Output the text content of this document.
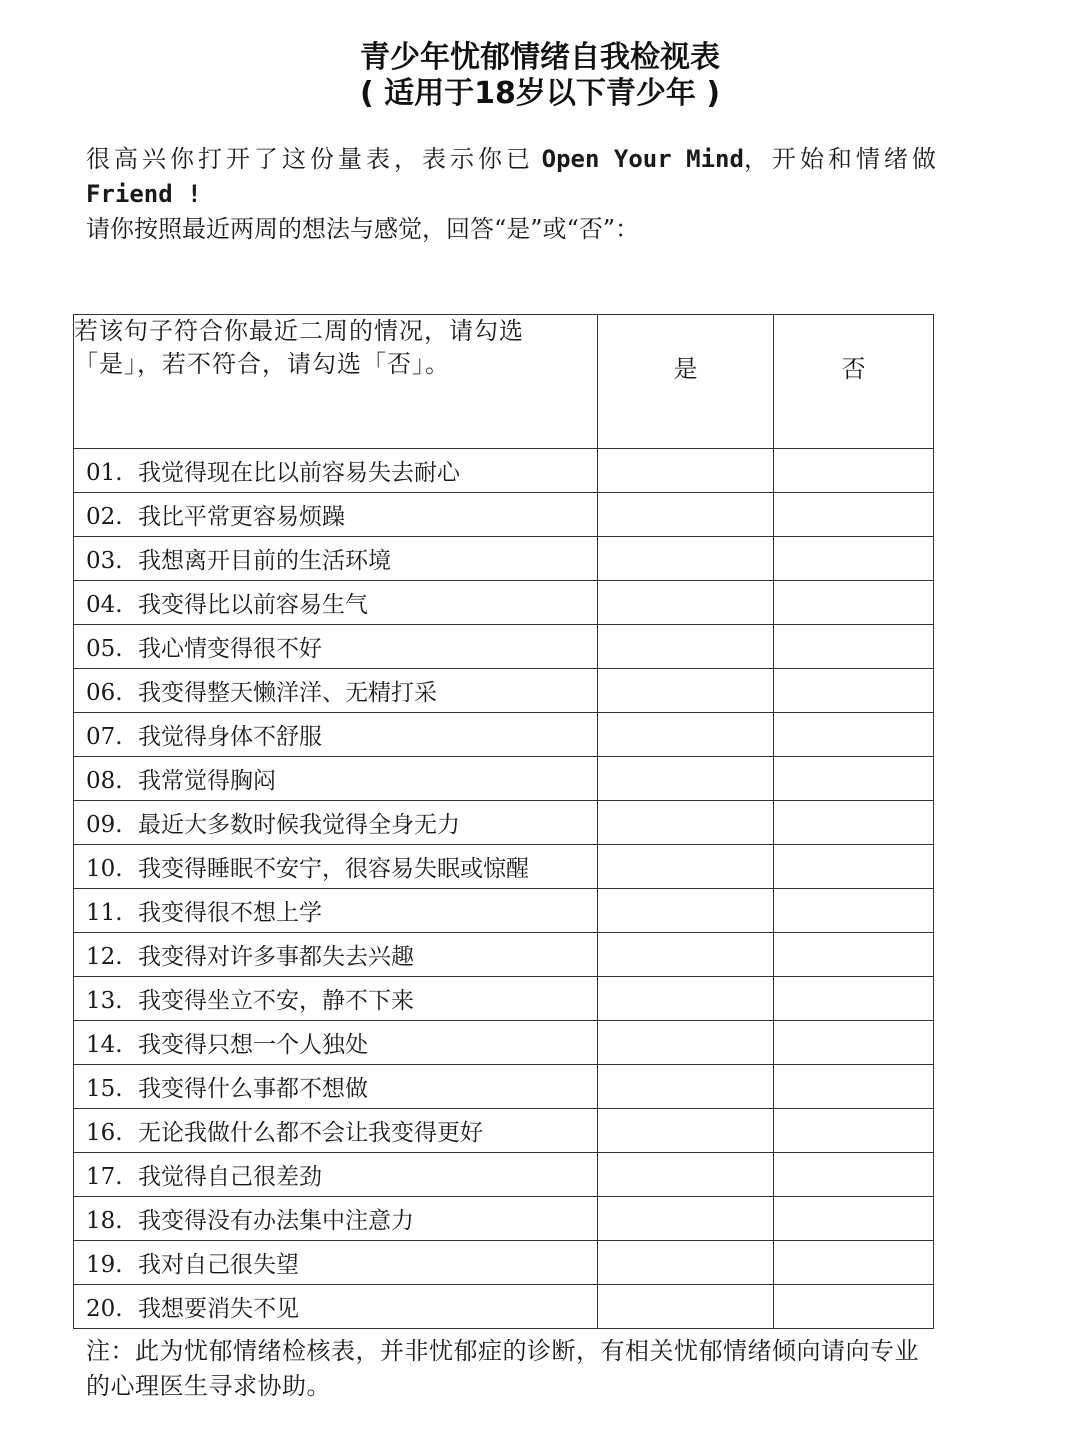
青少年忧郁情绪自我检视表
( 适用于18岁以下青少年 )
很高兴你打开了这份量表，表示你已 Open Your Mind，开始和情绪做
Friend !
请你按照最近两周的想法与感觉，回答“是”或“否”：
若该句子符合你最近二周的情况，请勾选
「是」，若不符合，请勾选「否」。	是	否
01. 我觉得现在比以前容易失去耐心		
02. 我比平常更容易烦躁		
03. 我想离开目前的生活环境		
04. 我变得比以前容易生气		
05. 我心情变得很不好		
06. 我变得整天懒洋洋、无精打采		
07. 我觉得身体不舒服		
08. 我常觉得胸闷		
09. 最近大多数时候我觉得全身无力		
10. 我变得睡眠不安宁，很容易失眠或惊醒		
11. 我变得很不想上学		
12. 我变得对许多事都失去兴趣		
13. 我变得坐立不安，静不下来		
14. 我变得只想一个人独处		
15. 我变得什么事都不想做		
16. 无论我做什么都不会让我变得更好		
17. 我觉得自己很差劲		
18. 我变得没有办法集中注意力		
19. 我对自己很失望		
20. 我想要消失不见		
注：此为忧郁情绪检核表，并非忧郁症的诊断，有相关忧郁情绪倾向请向专业
的心理医生寻求协助。
